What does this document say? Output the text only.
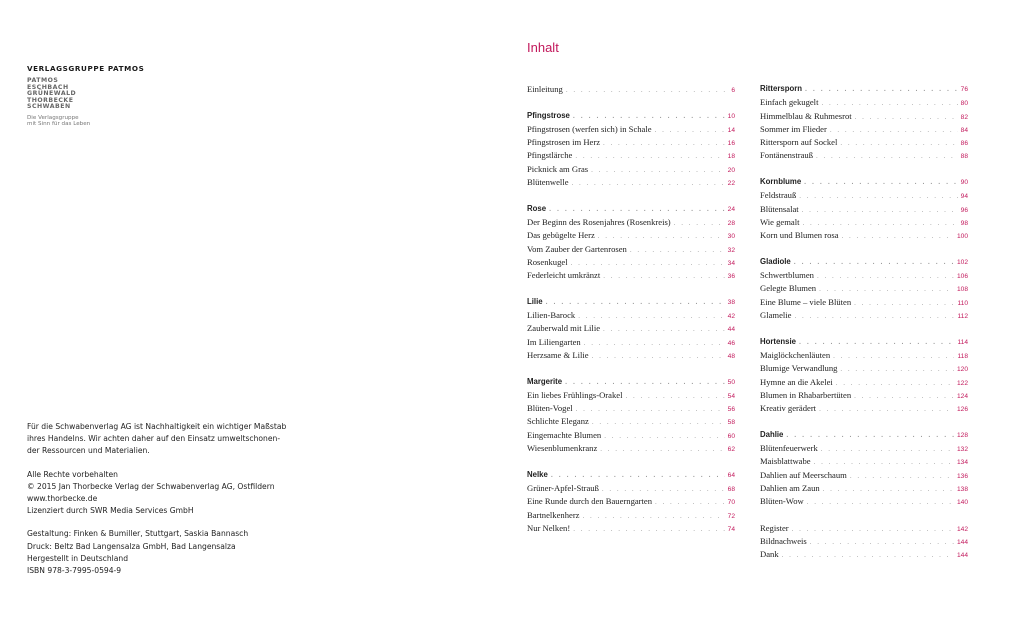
VERLAGSGRUPPE PATMOS
PATMOS
ESCHBACH
GRÜNEWALD
THORBECKE
SCHWABEN
Die Verlagsgruppe
mit Sinn für das Leben
Für die Schwabenverlag AG ist Nachhaltigkeit ein wichtiger Maßstab
ihres Handelns. Wir achten daher auf den Einsatz umweltschonen-
der Ressourcen und Materialien.
Alle Rechte vorbehalten
© 2015 Jan Thorbecke Verlag der Schwabenverlag AG, Ostfildern
www.thorbecke.de
Lizenziert durch SWR Media Services GmbH
Gestaltung: Finken & Bumiller, Stuttgart, Saskia Bannasch
Druck: Beltz Bad Langensalza GmbH, Bad Langensalza
Hergestellt in Deutschland
ISBN 978-3-7995-0594-9
Inhalt
Einleitung . . .	6
Pfingstrose . . .	10
Pfingstrosen (werfen sich) in Schale . . .	14
Pfingstrosen im Herz . . .	16
Pfingstlärche . . .	18
Picknick am Gras . . .	20
Blütenwelle . . .	22
Rose . . .	24
Der Beginn des Rosenjahres (Rosenkreis) . . .	28
Das gebügelte Herz . . .	30
Vom Zauber der Gartenrosen . . .	32
Rosenkugel . . .	34
Federleicht umkränzt . . .	36
Lilie . . .	38
Lilien-Barock . . .	42
Zauberwald mit Lilie . . .	44
Im Liliengarten . . .	46
Herzsame & Lilie . . .	48
Margerite . . .	50
Ein liebes Frühlings-Orakel . . .	54
Blüten-Vogel . . .	56
Schlichte Eleganz . . .	58
Eingemachte Blumen . . .	60
Wiesenblumenkranz . . .	62
Nelke . . .	64
Grüner-Apfel-Strauß . . .	68
Eine Runde durch den Bauerngarten . . .	70
Bartnelkenherz . . .	72
Nur Nelken! . . .	74
Rittersporn . . .	76
Einfach gekugelt . . .	80
Himmelblau & Ruhmesrot . . .	82
Sommer im Flieder . . .	84
Rittersporn auf Sockel . . .	86
Fontänenstrauß . . .	88
Kornblume . . .	90
Feldstrauß . . .	94
Blütensalat . . .	96
Wie gemalt . . .	98
Korn und Blumen rosa . . .	100
Gladiole . . .	102
Schwertblumen . . .	106
Gelegte Blumen . . .	108
Eine Blume – viele Blüten . . .	110
Glamelie . . .	112
Hortensie . . .	114
Maiglöckchenläuten . . .	118
Blumige Verwandlung . . .	120
Hymne an die Akelei . . .	122
Blumen in Rhabarbertüten . . .	124
Kreativ gerädert . . .	126
Dahlie . . .	128
Blütenfeuerwerk . . .	132
Maisblattwabe . . .	134
Dahlien auf Meerschaum . . .	136
Dahlien am Zaun . . .	138
Blüten-Wow . . .	140
Register . . .	142
Bildnachweis . . .	144
Dank . . .	144
